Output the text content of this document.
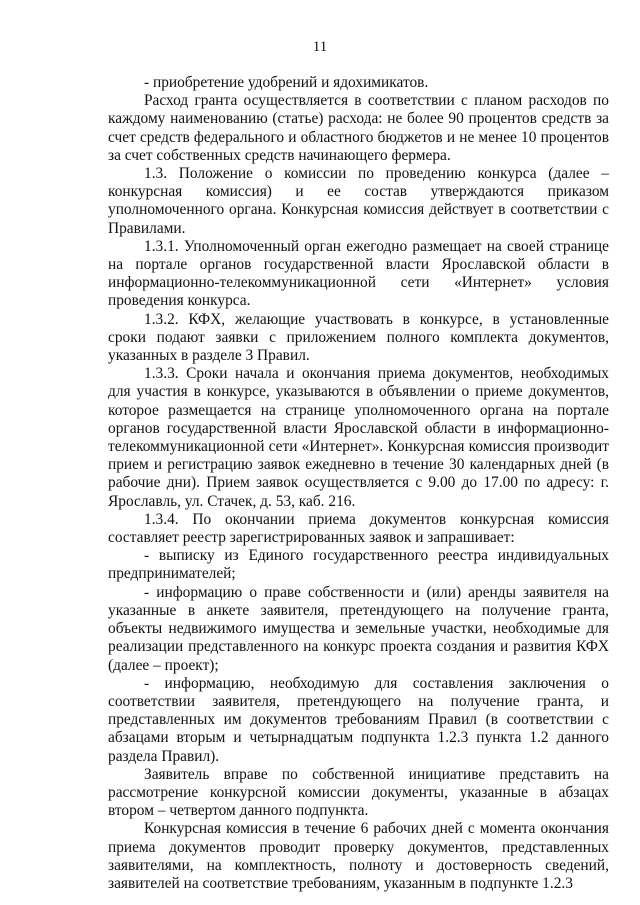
11

- приобретение удобрений и ядохимикатов.

Расход гранта осуществляется в соответствии с планом расходов по каждому наименованию (статье) расхода: не более 90 процентов средств за счет средств федерального и областного бюджетов и не менее 10 процентов за счет собственных средств начинающего фермера.

1.3. Положение о комиссии по проведению конкурса (далее – конкурсная комиссия) и ее состав утверждаются приказом уполномоченного органа. Конкурсная комиссия действует в соответствии с Правилами.

1.3.1. Уполномоченный орган ежегодно размещает на своей странице на портале органов государственной власти Ярославской области в информационно-телекоммуникационной сети «Интернет» условия проведения конкурса.

1.3.2. КФХ, желающие участвовать в конкурсе, в установленные сроки подают заявки с приложением полного комплекта документов, указанных в разделе 3 Правил.

1.3.3. Сроки начала и окончания приема документов, необходимых для участия в конкурсе, указываются в объявлении о приеме документов, которое размещается на странице уполномоченного органа на портале органов государственной власти Ярославской области в информационно-телекоммуникационной сети «Интернет». Конкурсная комиссия производит прием и регистрацию заявок ежедневно в течение 30 календарных дней (в рабочие дни). Прием заявок осуществляется с 9.00 до 17.00 по адресу: г. Ярославль, ул. Стачек, д. 53, каб. 216.

1.3.4. По окончании приема документов конкурсная комиссия составляет реестр зарегистрированных заявок и запрашивает:

- выписку из Единого государственного реестра индивидуальных предпринимателей;

- информацию о праве собственности и (или) аренды заявителя на указанные в анкете заявителя, претендующего на получение гранта, объекты недвижимого имущества и земельные участки, необходимые для реализации представленного на конкурс проекта создания и развития КФХ (далее – проект);

- информацию, необходимую для составления заключения о соответствии заявителя, претендующего на получение гранта, и представленных им документов требованиям Правил (в соответствии с абзацами вторым и четырнадцатым подпункта 1.2.3 пункта 1.2 данного раздела Правил).

Заявитель вправе по собственной инициативе представить на рассмотрение конкурсной комиссии документы, указанные в абзацах втором – четвертом данного подпункта.

Конкурсная комиссия в течение 6 рабочих дней с момента окончания приема документов проводит проверку документов, представленных заявителями, на комплектность, полноту и достоверность сведений, заявителей на соответствие требованиям, указанным в подпункте 1.2.3
